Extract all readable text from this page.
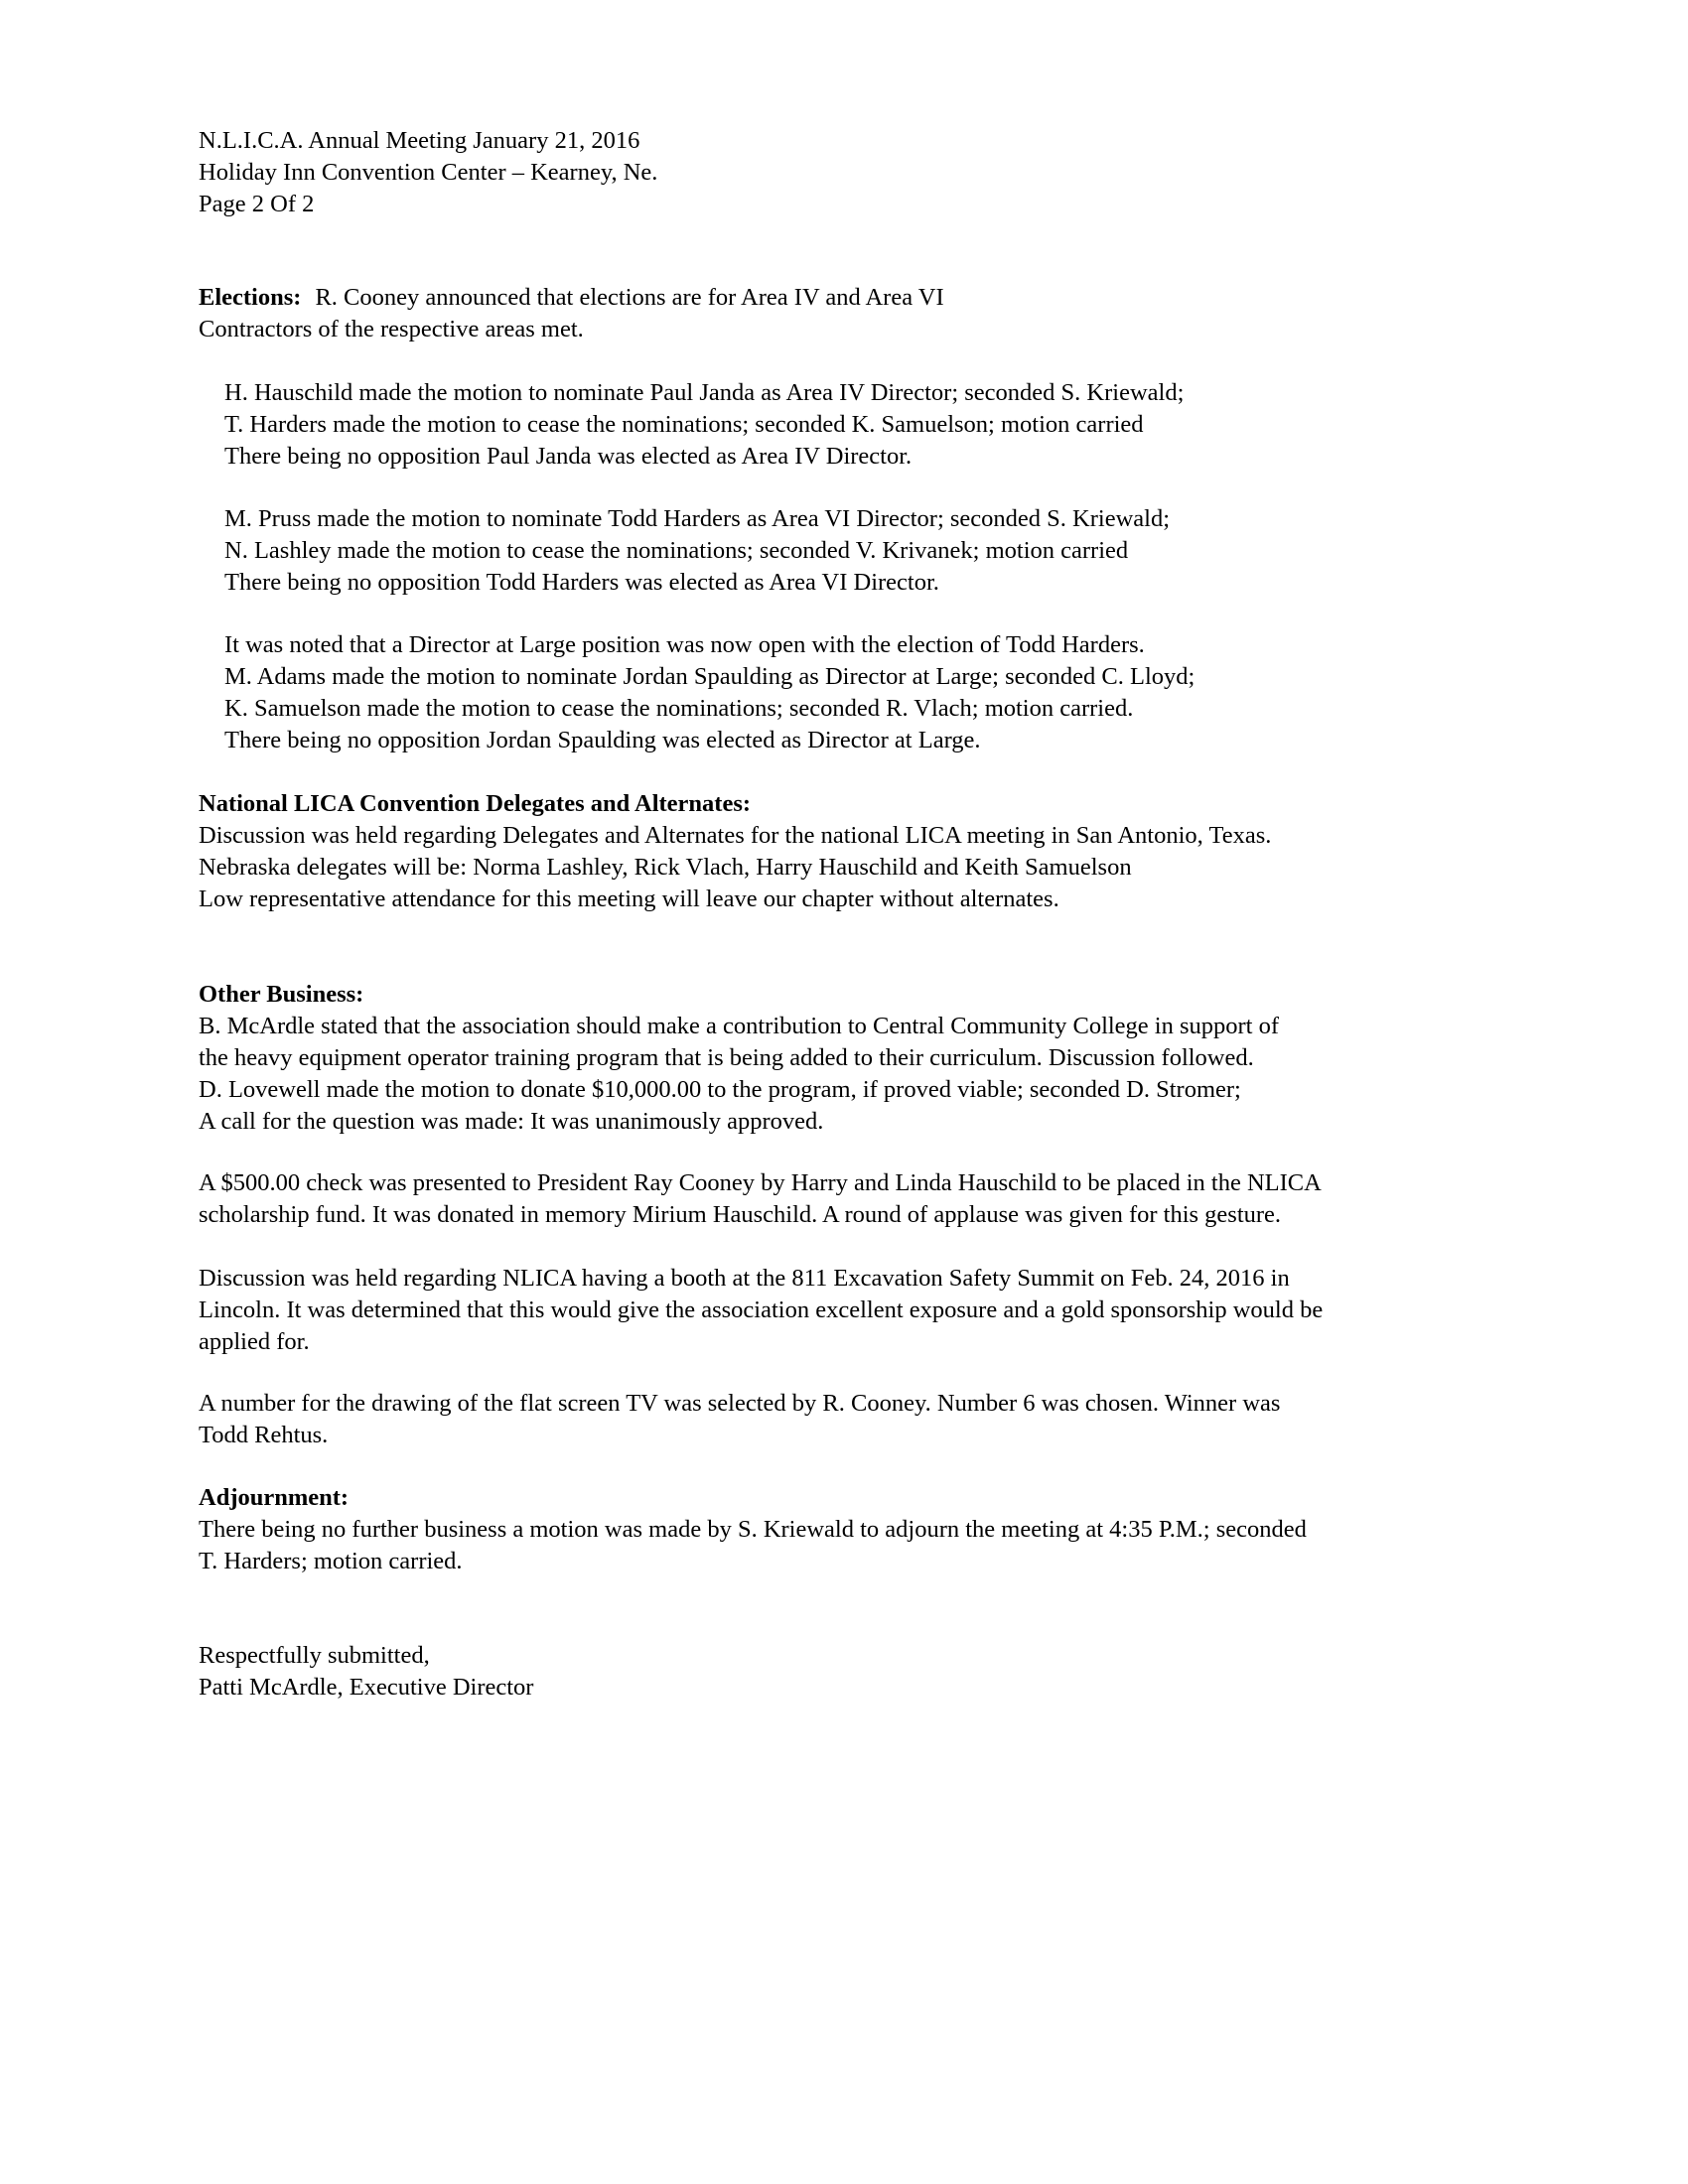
N.L.I.C.A. Annual Meeting January 21, 2016
Holiday Inn Convention Center – Kearney, Ne.
Page 2 Of 2
Elections: R. Cooney announced that elections are for Area IV and Area VI
Contractors of the respective areas met.
H. Hauschild made the motion to nominate Paul Janda as Area IV Director; seconded S. Kriewald;
T. Harders made the motion to cease the nominations; seconded K. Samuelson; motion carried
There being no opposition Paul Janda was elected as Area IV Director.
M. Pruss made the motion to nominate Todd Harders as Area VI Director; seconded S. Kriewald;
N. Lashley made the motion to cease the nominations; seconded V. Krivanek; motion carried
There being no opposition Todd Harders was elected as Area VI Director.
It was noted that a Director at Large position was now open with the election of Todd Harders.
M. Adams made the motion to nominate Jordan Spaulding as Director at Large; seconded C. Lloyd;
K. Samuelson made the motion to cease the nominations; seconded R. Vlach; motion carried.
There being no opposition Jordan Spaulding was elected as Director at Large.
National LICA Convention Delegates and Alternates:
Discussion was held regarding Delegates and Alternates for the national LICA meeting in San Antonio, Texas.
Nebraska delegates will be: Norma Lashley, Rick Vlach, Harry Hauschild and Keith Samuelson
Low representative attendance for this meeting will leave our chapter without alternates.
Other Business:
B. McArdle stated that the association should make a contribution to Central Community College in support of
the heavy equipment operator training program that is being added to their curriculum. Discussion followed.
D. Lovewell made the motion to donate $10,000.00 to the program, if proved viable; seconded D. Stromer;
A call for the question was made: It was unanimously approved.
A $500.00 check was presented to President Ray Cooney by Harry and Linda Hauschild to be placed in the NLICA
scholarship fund. It was donated in memory Mirium Hauschild. A round of applause was given for this gesture.
Discussion was held regarding NLICA having a booth at the 811 Excavation Safety Summit on Feb. 24, 2016 in
Lincoln. It was determined that this would give the association excellent exposure and a gold sponsorship would be
applied for.
A number for the drawing of the flat screen TV was selected by R. Cooney. Number 6 was chosen. Winner was
Todd Rehtus.
Adjournment:
There being no further business a motion was made by S. Kriewald to adjourn the meeting at 4:35 P.M.; seconded
T. Harders; motion carried.
Respectfully submitted,
Patti McArdle, Executive Director
